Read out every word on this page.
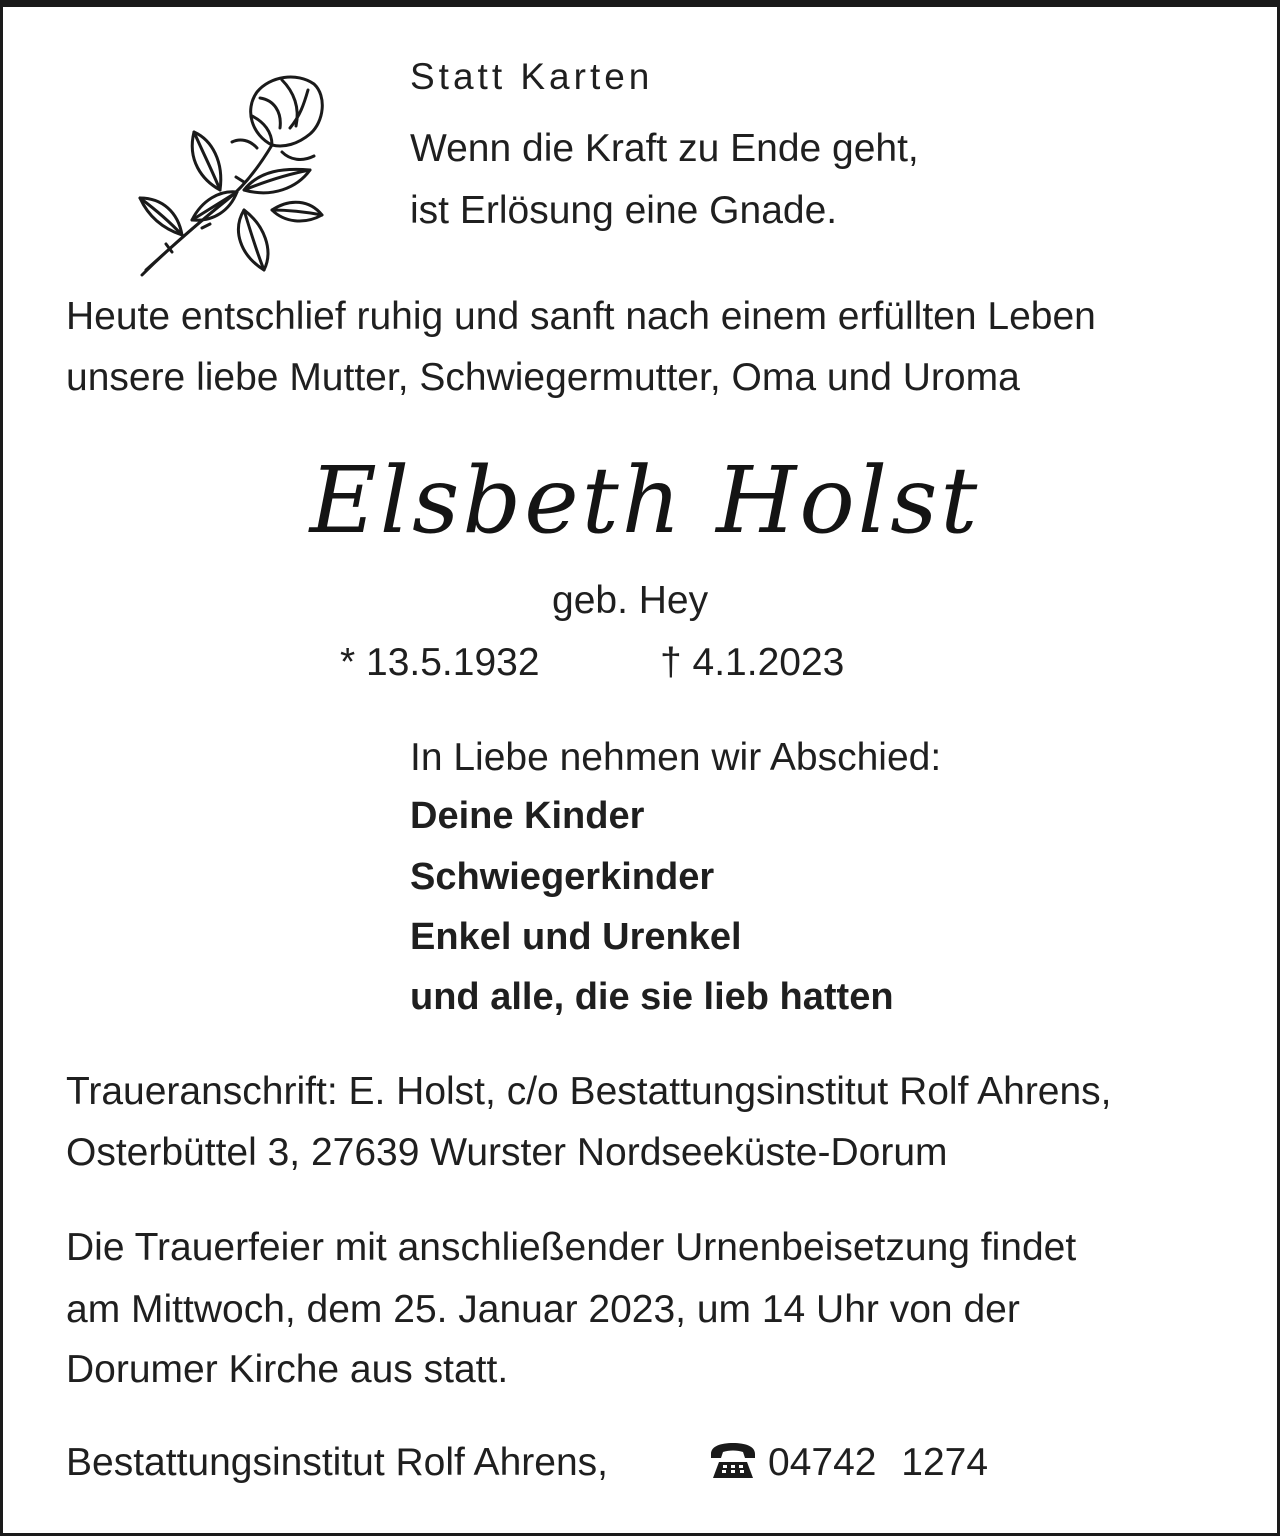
Statt Karten
Wenn die Kraft zu Ende geht,
ist Erlösung eine Gnade.
Heute entschlief ruhig und sanft nach einem erfüllten Leben
unsere liebe Mutter, Schwiegermutter, Oma und Uroma
Elsbeth Holst
geb. Hey
* 13.5.1932	† 4.1.2023
In Liebe nehmen wir Abschied:
Deine Kinder
Schwiegerkinder
Enkel und Urenkel
und alle, die sie lieb hatten
Traueranschrift: E. Holst, c/o Bestattungsinstitut Rolf Ahrens,
Osterbüttel 3, 27639 Wurster Nordseeküste-Dorum
Die Trauerfeier mit anschließender Urnenbeisetzung findet
am Mittwoch, dem 25. Januar 2023, um 14 Uhr von der
Dorumer Kirche aus statt.
Bestattungsinstitut Rolf Ahrens,	04742 1274
